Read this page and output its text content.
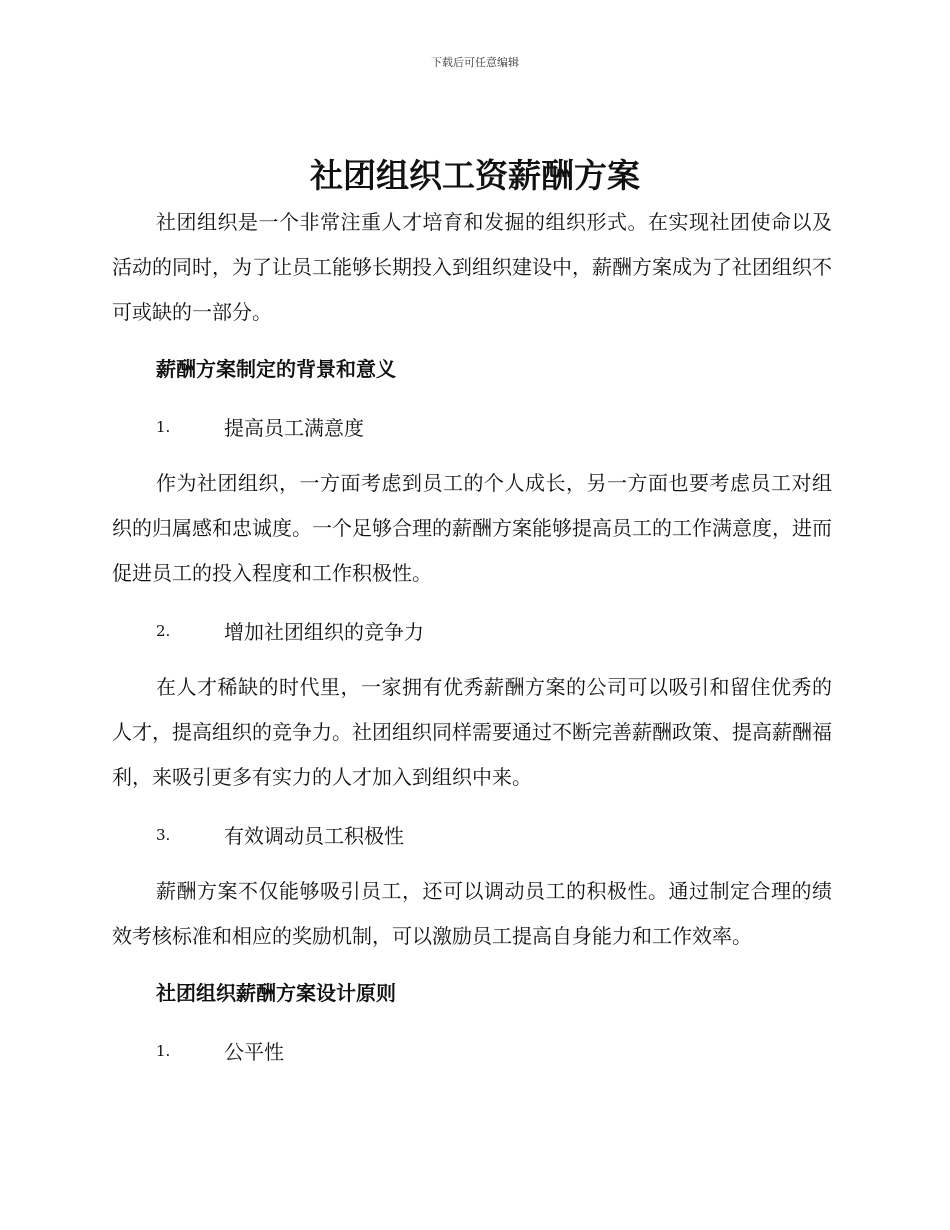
下载后可任意编辑
社团组织工资薪酬方案

社团组织是一个非常注重人才培育和发掘的组织形式。在实现社团使命以及活动的同时，为了让员工能够长期投入到组织建设中，薪酬方案成为了社团组织不可或缺的一部分。

薪酬方案制定的背景和意义

1.	提高员工满意度

作为社团组织，一方面考虑到员工的个人成长，另一方面也要考虑员工对组织的归属感和忠诚度。一个足够合理的薪酬方案能够提高员工的工作满意度，进而促进员工的投入程度和工作积极性。

2.	增加社团组织的竞争力

在人才稀缺的时代里，一家拥有优秀薪酬方案的公司可以吸引和留住优秀的人才，提高组织的竞争力。社团组织同样需要通过不断完善薪酬政策、提高薪酬福利，来吸引更多有实力的人才加入到组织中来。

3.	有效调动员工积极性

薪酬方案不仅能够吸引员工，还可以调动员工的积极性。通过制定合理的绩效考核标准和相应的奖励机制，可以激励员工提高自身能力和工作效率。

社团组织薪酬方案设计原则

1.	公平性
